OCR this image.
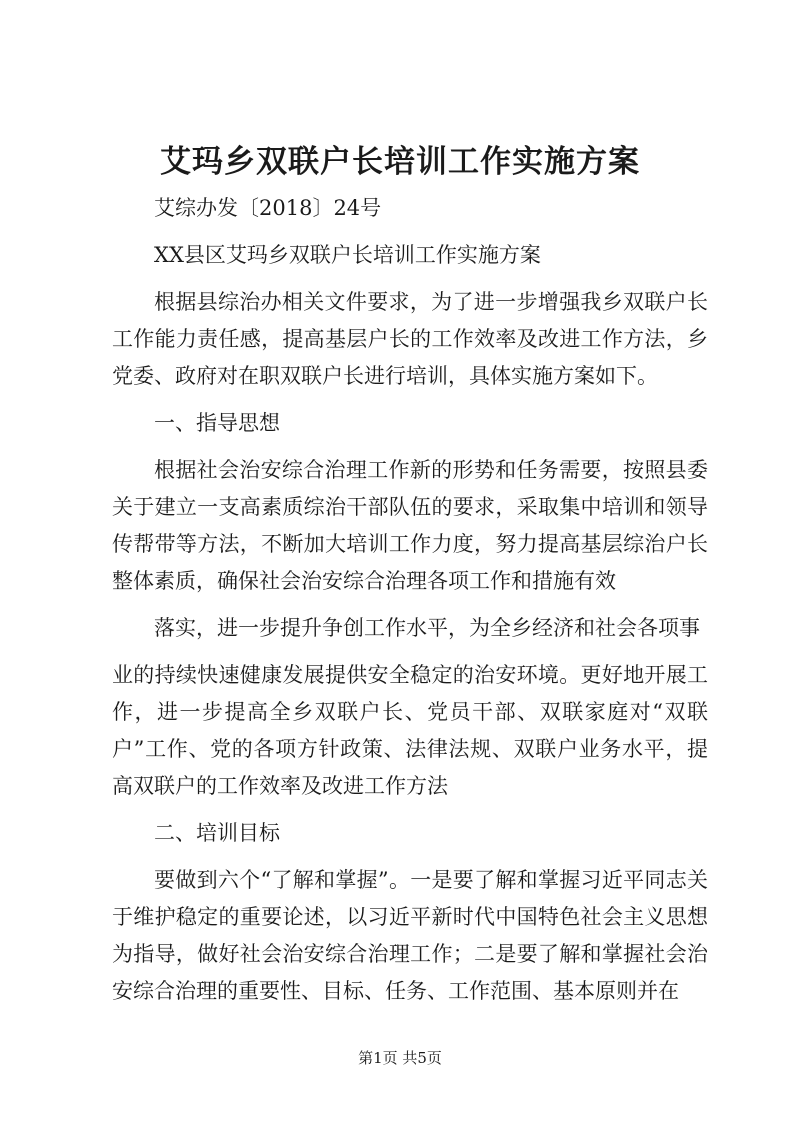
艾玛乡双联户长培训工作实施方案

艾综办发〔2018〕24号

XX县区艾玛乡双联户长培训工作实施方案

根据县综治办相关文件要求，为了进一步增强我乡双联户长工作能力责任感，提高基层户长的工作效率及改进工作方法，乡党委、政府对在职双联户长进行培训，具体实施方案如下。

一、指导思想

根据社会治安综合治理工作新的形势和任务需要，按照县委关于建立一支高素质综治干部队伍的要求，采取集中培训和领导传帮带等方法，不断加大培训工作力度，努力提高基层综治户长整体素质，确保社会治安综合治理各项工作和措施有效

落实，进一步提升争创工作水平，为全乡经济和社会各项事

业的持续快速健康发展提供安全稳定的治安环境。更好地开展工作，进一步提高全乡双联户长、党员干部、双联家庭对“双联户”工作、党的各项方针政策、法律法规、双联户业务水平，提高双联户的工作效率及改进工作方法

二、培训目标

要做到六个“了解和掌握”。一是要了解和掌握习近平同志关于维护稳定的重要论述，以习近平新时代中国特色社会主义思想为指导，做好社会治安综合治理工作；二是要了解和掌握社会治安综合治理的重要性、目标、任务、工作范围、基本原则并在

第1页 共5页
